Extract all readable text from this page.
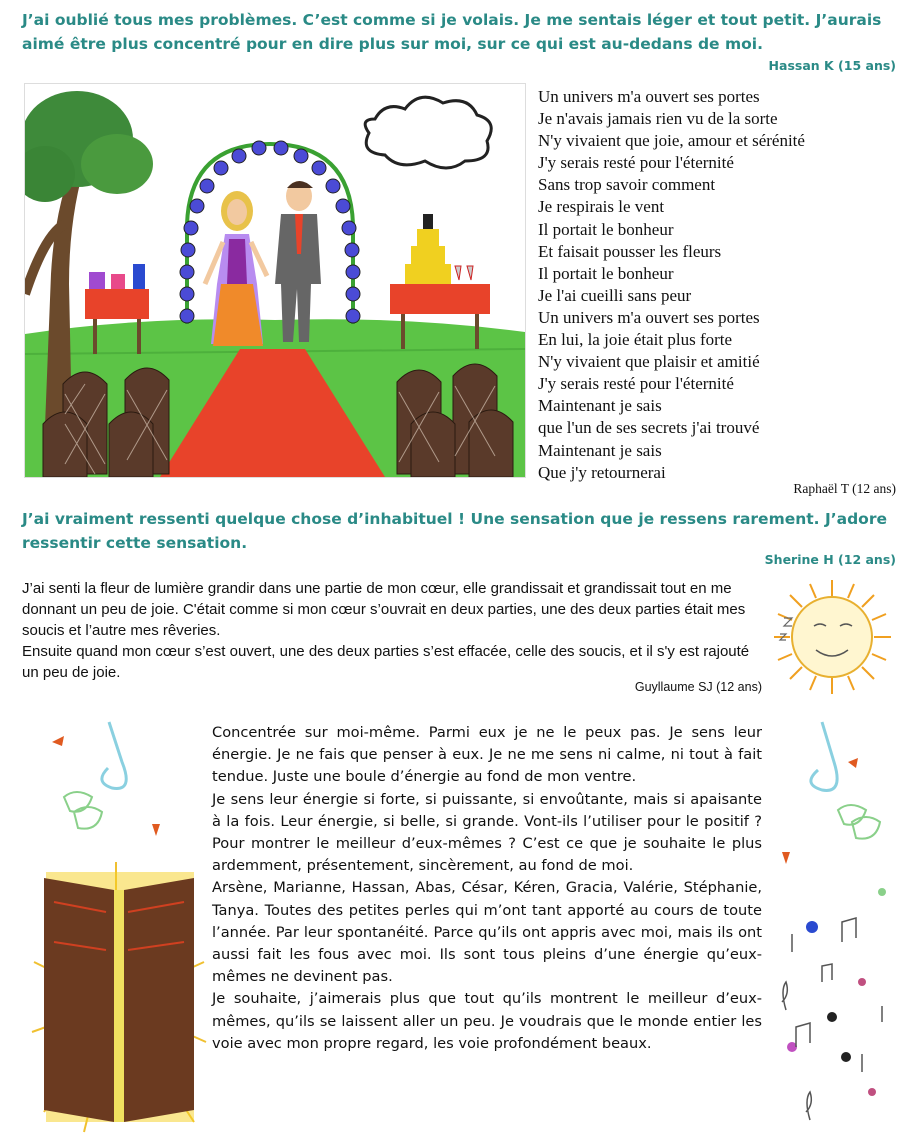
J’ai oublié tous mes problèmes. C’est comme si je volais. Je me sentais léger et tout petit. J’aurais aimé être plus concentré pour en dire plus sur moi, sur ce qui est au-dedans de moi.
Hassan K (15 ans)
Un univers m'a ouvert ses portes
Je n'avais jamais rien vu de la sorte
N'y vivaient que joie, amour et sérénité
J'y serais resté pour l'éternité
Sans trop savoir comment
Je respirais le vent
Il portait le bonheur
Et faisait pousser les fleurs
Il portait le bonheur
Je l'ai cueilli sans peur
Un univers m'a ouvert ses portes
En lui, la joie était plus forte
N'y vivaient que plaisir et amitié
J'y serais resté pour l'éternité
Maintenant je sais
que l'un de ses secrets j'ai trouvé
Maintenant je sais
Que j'y retournerai
Raphaël T (12 ans)
J’ai vraiment ressenti quelque chose d’inhabituel ! Une sensation que je ressens rarement. J’adore ressentir cette sensation.
Sherine H (12 ans)

J’ai senti la fleur de lumière grandir dans une partie de mon cœur, elle grandissait et grandissait tout en me donnant un peu de joie. C'était comme si mon cœur s’ouvrait en deux parties, une des deux parties était mes soucis et l’autre mes rêveries.

Ensuite quand mon cœur s’est ouvert, une des deux parties s’est effacée, celle des soucis, et il s'y est rajouté un peu de joie.

Guyllaume SJ (12 ans)

Concentrée sur moi-même. Parmi eux je ne le peux pas. Je sens leur énergie. Je ne fais que penser à eux. Je ne me sens ni calme, ni tout à fait tendue. Juste une boule d’énergie au fond de mon ventre.

Je sens leur énergie si forte, si puissante, si envoûtante, mais si apaisante à la fois. Leur énergie, si belle, si grande. Vont-ils l’utiliser pour le positif ? Pour montrer le meilleur d’eux-mêmes ? C’est ce que je souhaite le plus ardemment, présentement, sincèrement, au fond de moi.

Arsène, Marianne, Hassan, Abas, César, Kéren, Gracia, Valérie, Stéphanie, Tanya. Toutes des petites perles qui m’ont tant apporté au cours de toute l’année. Par leur spontanéité. Parce qu’ils ont appris avec moi, mais ils ont aussi fait les fous avec moi. Ils sont tous pleins d’une énergie qu’eux-mêmes ne devinent pas.

Je souhaite, j’aimerais plus que tout qu’ils montrent le meilleur d’eux-mêmes, qu’ils se laissent aller un peu. Je voudrais que le monde entier les voie avec mon propre regard, les voie profondément beaux.
